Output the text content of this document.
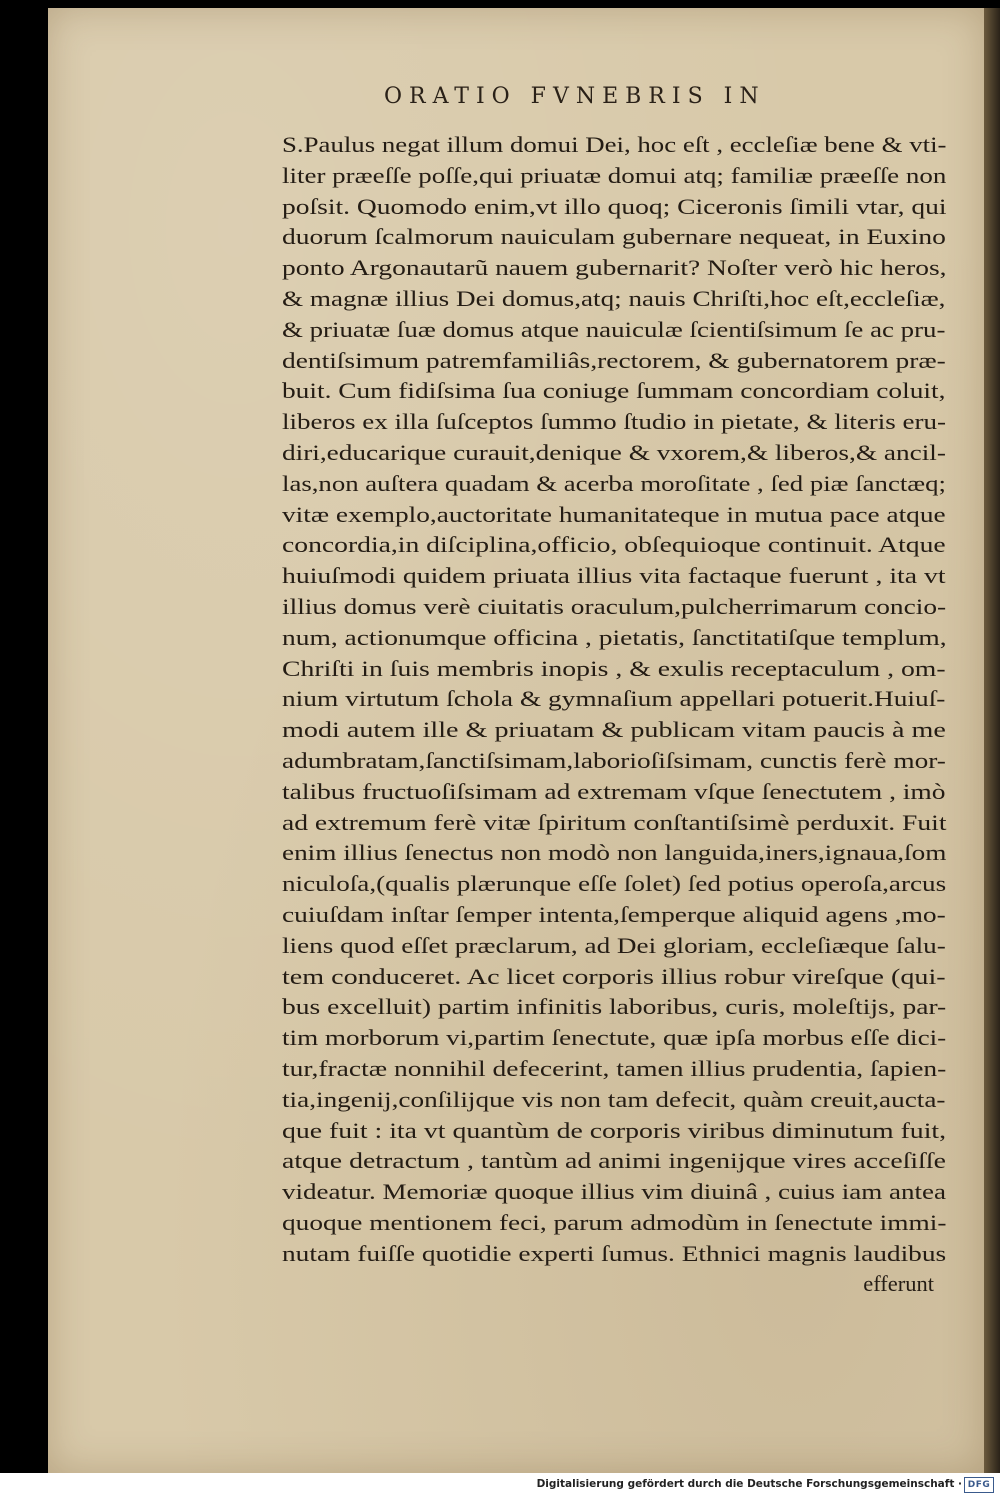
ORATIO FVNEBRIS IN
S.Paulus negat illum domui Dei, hoc eſt , eccleſiæ bene & vti-
liter præeſſe poſſe,qui priuatæ domui atq; familiæ præeſſe non
poſsit. Quomodo enim,vt illo quoq; Ciceronis ſimili vtar, qui
duorum ſcalmorum nauiculam gubernare nequeat, in Euxino
ponto Argonautarũ nauem gubernarit? Noſter verò hic heros,
& magnæ illius Dei domus,atq; nauis Chriſti,hoc eſt,eccleſiæ,
& priuatæ ſuæ domus atque nauiculæ ſcientiſsimum ſe ac pru-
dentiſsimum patremfamiliâs,rectorem, & gubernatorem præ-
buit. Cum fidiſsima ſua coniuge ſummam concordiam coluit,
liberos ex illa ſuſceptos ſummo ſtudio in pietate, & literis eru-
diri,educarique curauit,denique & vxorem,& liberos,& ancil-
las,non auſtera quadam & acerba moroſitate , ſed piæ ſanctæq;
vitæ exemplo,auctoritate humanitateque in mutua pace atque
concordia,in diſciplina,officio, obſequioque continuit. Atque
huiuſmodi quidem priuata illius vita factaque fuerunt , ita vt
illius domus verè ciuitatis oraculum,pulcherrimarum concio-
num, actionumque officina , pietatis, ſanctitatiſque templum,
Chriſti in ſuis membris inopis , & exulis receptaculum , om-
nium virtutum ſchola & gymnaſium appellari potuerit.Huiuſ-
modi autem ille & priuatam & publicam vitam paucis à me
adumbratam,ſanctiſsimam,laborioſiſsimam, cunctis ferè mor-
talibus fructuoſiſsimam ad extremam vſque ſenectutem , imò
ad extremum ferè vitæ ſpiritum conſtantiſsimè perduxit. Fuit
enim illius ſenectus non modò non languida,iners,ignaua,ſom
niculoſa,(qualis plærunque eſſe ſolet) ſed potius operoſa,arcus
cuiuſdam inſtar ſemper intenta,ſemperque aliquid agens ,mo-
liens quod eſſet præclarum, ad Dei gloriam, eccleſiæque ſalu-
tem conduceret. Ac licet corporis illius robur vireſque (qui-
bus excelluit) partim infinitis laboribus, curis, moleſtijs, par-
tim morborum vi,partim ſenectute, quæ ipſa morbus eſſe dici-
tur,fractæ nonnihil defecerint, tamen illius prudentia, ſapien-
tia,ingenij,conſilijque vis non tam defecit, quàm creuit,aucta-
que fuit : ita vt quantùm de corporis viribus diminutum fuit,
atque detractum , tantùm ad animi ingenijque vires acceſiſſe
videatur. Memoriæ quoque illius vim diuinâ , cuius iam antea
quoque mentionem feci, parum admodùm in ſenectute immi-
nutam fuiſſe quotidie experti ſumus. Ethnici magnis laudibus
efferunt
Digitalisierung gefördert durch die Deutsche Forschungsgemeinschaft · DFG
